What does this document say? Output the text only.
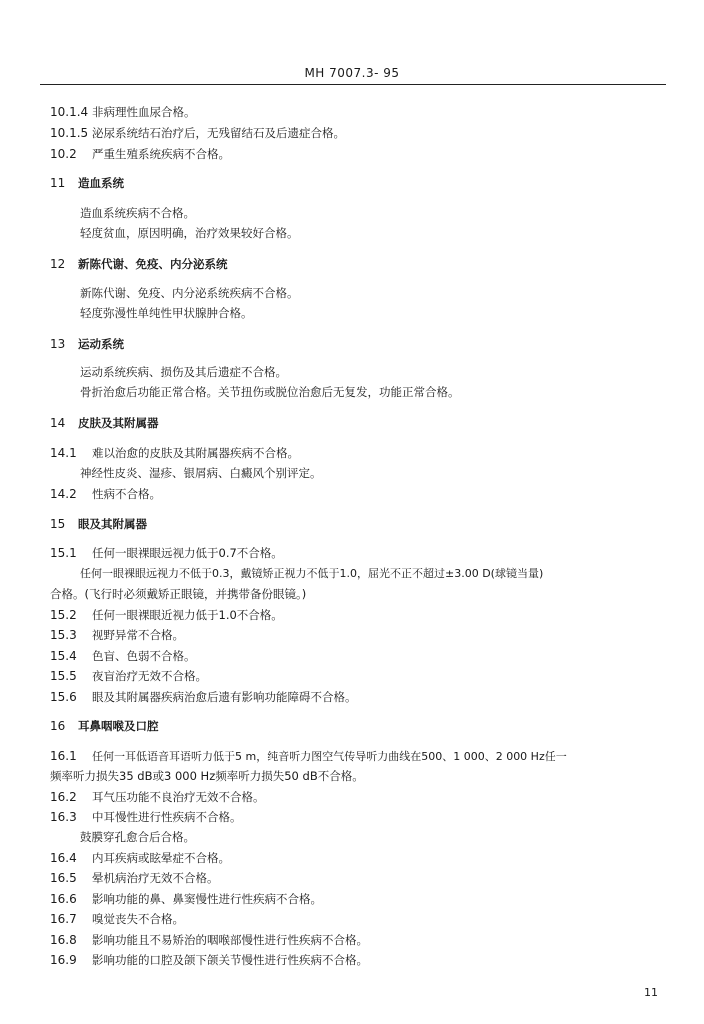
MH 7007.3- 95
10.1.4 非病理性血尿合格。
10.1.5 泌尿系统结石治疗后，无残留结石及后遗症合格。
10.2 严重生殖系统疾病不合格。
11 造血系统
造血系统疾病不合格。
轻度贫血，原因明确，治疗效果较好合格。
12 新陈代谢、免疫、内分泌系统
新陈代谢、免疫、内分泌系统疾病不合格。
轻度弥漫性单纯性甲状腺肿合格。
13 运动系统
运动系统疾病、损伤及其后遗症不合格。
骨折治愈后功能正常合格。关节扭伤或脱位治愈后无复发，功能正常合格。
14 皮肤及其附属器
14.1 难以治愈的皮肤及其附属器疾病不合格。
神经性皮炎、湿疹、银屑病、白癜风个别评定。
14.2 性病不合格。
15 眼及其附属器
15.1 任何一眼裸眼远视力低于0.7不合格。
任何一眼裸眼远视力不低于0.3，戴镜矫正视力不低于1.0，屈光不正不超过±3.00 D(球镜当量)
合格。(飞行时必须戴矫正眼镜，并携带备份眼镜。)
15.2 任何一眼裸眼近视力低于1.0不合格。
15.3 视野异常不合格。
15.4 色盲、色弱不合格。
15.5 夜盲治疗无效不合格。
15.6 眼及其附属器疾病治愈后遗有影响功能障碍不合格。
16 耳鼻咽喉及口腔
16.1 任何一耳低语音耳语听力低于5 m，纯音听力图空气传导听力曲线在500、1 000、2 000 Hz任一
频率听力损失35 dB或3 000 Hz频率听力损失50 dB不合格。
16.2 耳气压功能不良治疗无效不合格。
16.3 中耳慢性进行性疾病不合格。
鼓膜穿孔愈合后合格。
16.4 内耳疾病或眩晕症不合格。
16.5 晕机病治疗无效不合格。
16.6 影响功能的鼻、鼻窦慢性进行性疾病不合格。
16.7 嗅觉丧失不合格。
16.8 影响功能且不易矫治的咽喉部慢性进行性疾病不合格。
16.9 影响功能的口腔及颌下颌关节慢性进行性疾病不合格。
11
